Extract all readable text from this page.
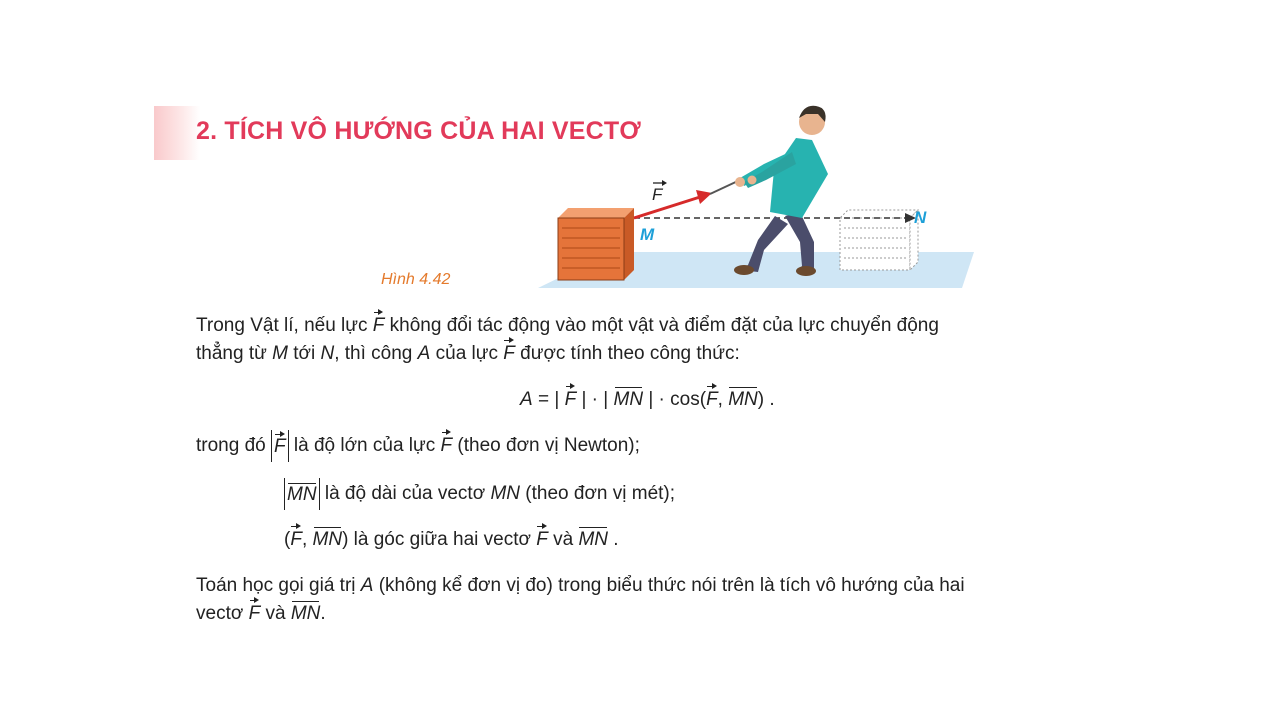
2. TÍCH VÔ HƯỚNG CỦA HAI VECTƠ
F
M
N
Hình 4.42
Trong Vật lí, nếu lực
F không đổi tác động vào một vật và điểm đặt của lực chuyển động
thẳng từ M tới N, thì công A của lực
F được tính theo công thức:
A = |
F | · | MN | · cos(
F, MN) .
trong đó
F là độ lớn của lực
F (theo đơn vị Newton);
MN là độ dài của vectơ MN (theo đơn vị mét);
(
F, MN) là góc giữa hai vectơ
F và MN .
Toán học gọi giá trị A (không kể đơn vị đo) trong biểu thức nói trên là tích vô hướng của hai
vectơ
F và MN.
